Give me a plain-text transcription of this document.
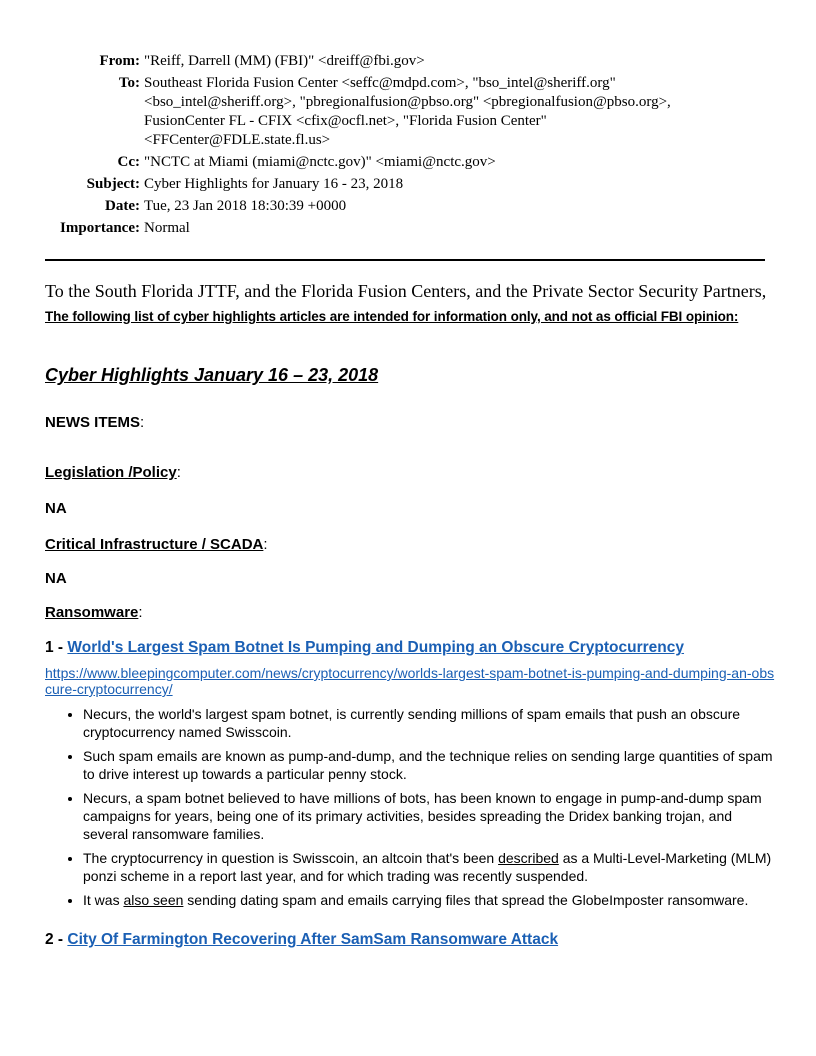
From: "Reiff, Darrell (MM) (FBI)" <dreiff@fbi.gov>
To: Southeast Florida Fusion Center <seffc@mdpd.com>, "bso_intel@sheriff.org"
<bso_intel@sheriff.org>, "pbregionalfusion@pbso.org" <pbregionalfusion@pbso.org>,
FusionCenter FL - CFIX <cfix@ocfl.net>, "Florida Fusion Center"
<FFCenter@FDLE.state.fl.us>
Cc: "NCTC at Miami (miami@nctc.gov)" <miami@nctc.gov>
Subject: Cyber Highlights for January 16 - 23, 2018
Date: Tue, 23 Jan 2018 18:30:39 +0000
Importance: Normal

To the South Florida JTTF, and the Florida Fusion Centers, and the Private Sector Security Partners,

The following list of cyber highlights articles are intended for information only, and not as official FBI opinion:

Cyber Highlights January 16 – 23, 2018

NEWS ITEMS:

Legislation /Policy:

NA

Critical Infrastructure / SCADA:

NA

Ransomware:

1 - World's Largest Spam Botnet Is Pumping and Dumping an Obscure Cryptocurrency
https://www.bleepingcomputer.com/news/cryptocurrency/worlds-largest-spam-botnet-is-pumping-and-dumping-an-obscure-cryptocurrency/
• Necurs, the world's largest spam botnet, is currently sending millions of spam emails that push an obscure cryptocurrency named Swisscoin.
• Such spam emails are known as pump-and-dump, and the technique relies on sending large quantities of spam to drive interest up towards a particular penny stock.
• Necurs, a spam botnet believed to have millions of bots, has been known to engage in pump-and-dump spam campaigns for years, being one of its primary activities, besides spreading the Dridex banking trojan, and several ransomware families.
• The cryptocurrency in question is Swisscoin, an altcoin that's been described as a Multi-Level-Marketing (MLM) ponzi scheme in a report last year, and for which trading was recently suspended.
• It was also seen sending dating spam and emails carrying files that spread the GlobeImposter ransomware.
2 - City Of Farmington Recovering After SamSam Ransomware Attack
